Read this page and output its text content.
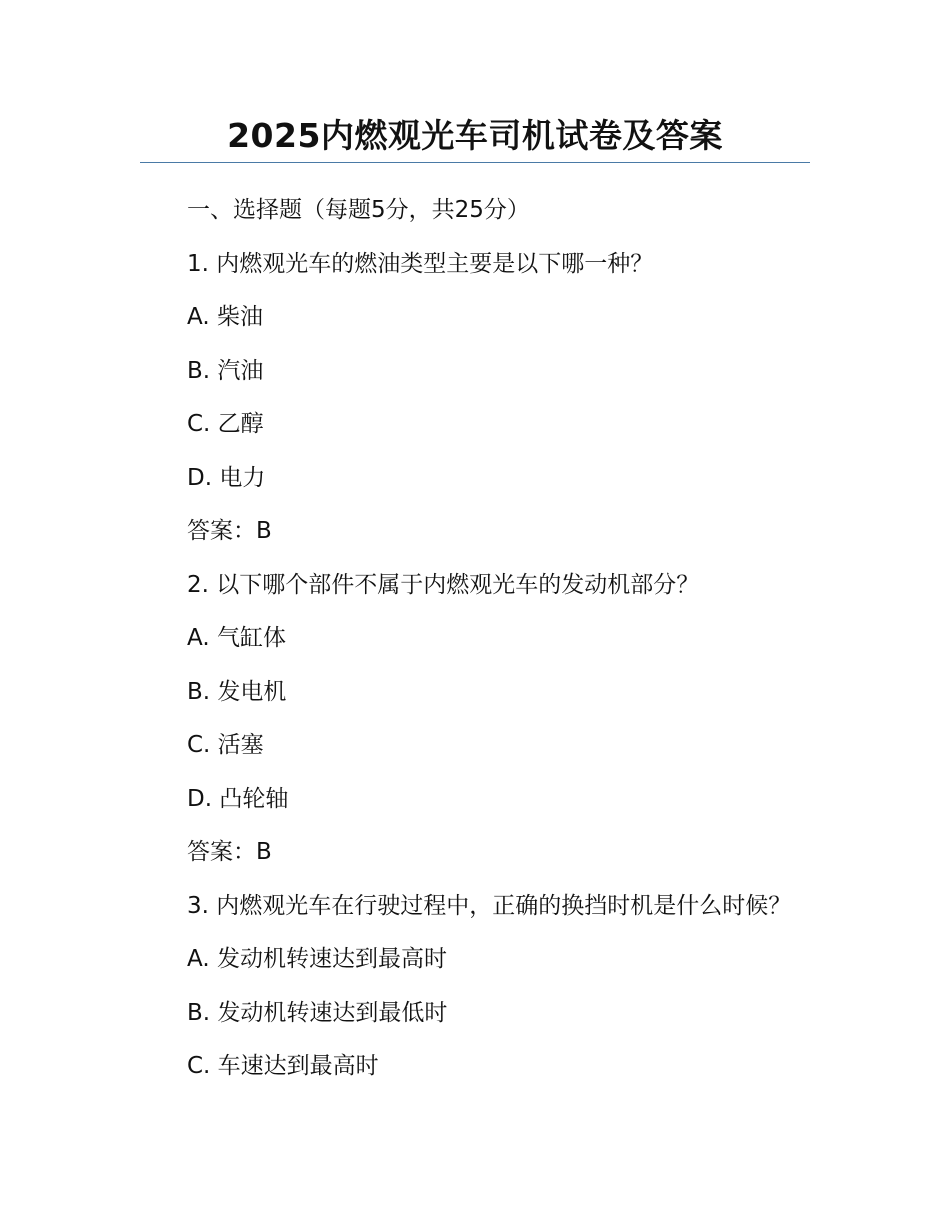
2025内燃观光车司机试卷及答案
一、选择题（每题5分，共25分）
1. 内燃观光车的燃油类型主要是以下哪一种？
A. 柴油
B. 汽油
C. 乙醇
D. 电力
答案：B
2. 以下哪个部件不属于内燃观光车的发动机部分？
A. 气缸体
B. 发电机
C. 活塞
D. 凸轮轴
答案：B
3. 内燃观光车在行驶过程中，正确的换挡时机是什么时候？
A. 发动机转速达到最高时
B. 发动机转速达到最低时
C. 车速达到最高时
